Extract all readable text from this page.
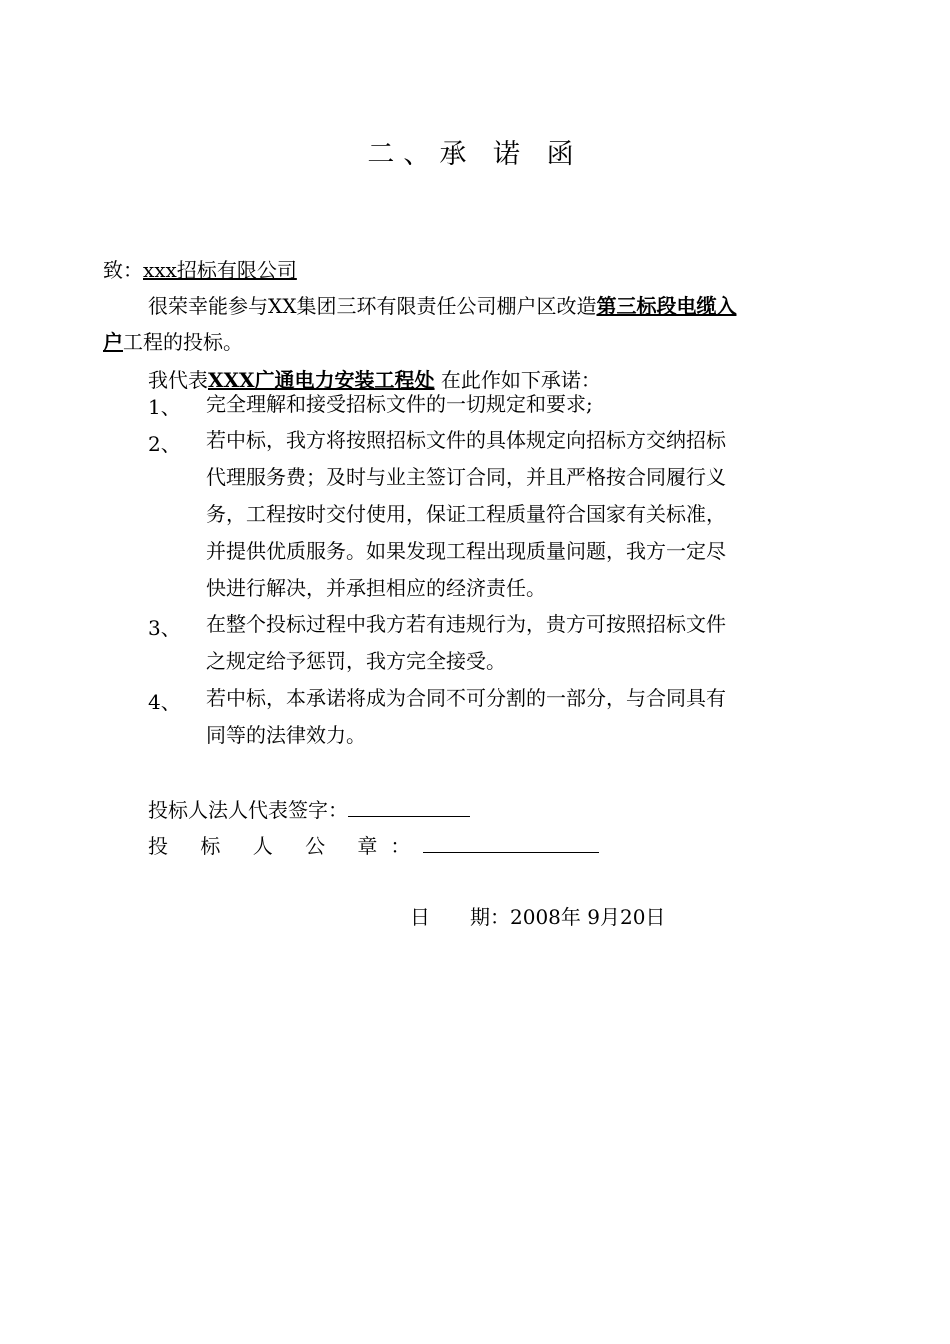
二、承 诺 函
致：xxx招标有限公司
很荣幸能参与XX集团三环有限责任公司棚户区改造第三标段电缆入
户工程的投标。
我代表XXX广通电力安装工程处 在此作如下承诺：
1、 完全理解和接受招标文件的一切规定和要求;
2、 若中标，我方将按照招标文件的具体规定向招标方交纳招标
代理服务费；及时与业主签订合同，并且严格按合同履行义
务，工程按时交付使用，保证工程质量符合国家有关标准，
并提供优质服务。如果发现工程出现质量问题，我方一定尽
快进行解决，并承担相应的经济责任。
3、 在整个投标过程中我方若有违规行为，贵方可按照招标文件
之规定给予惩罚，我方完全接受。
4、 若中标，本承诺将成为合同不可分割的一部分，与合同具有
同等的法律效力。
投标人法人代表签字：
投 标 人 公 章：
日　　期：2008年 9月20日
